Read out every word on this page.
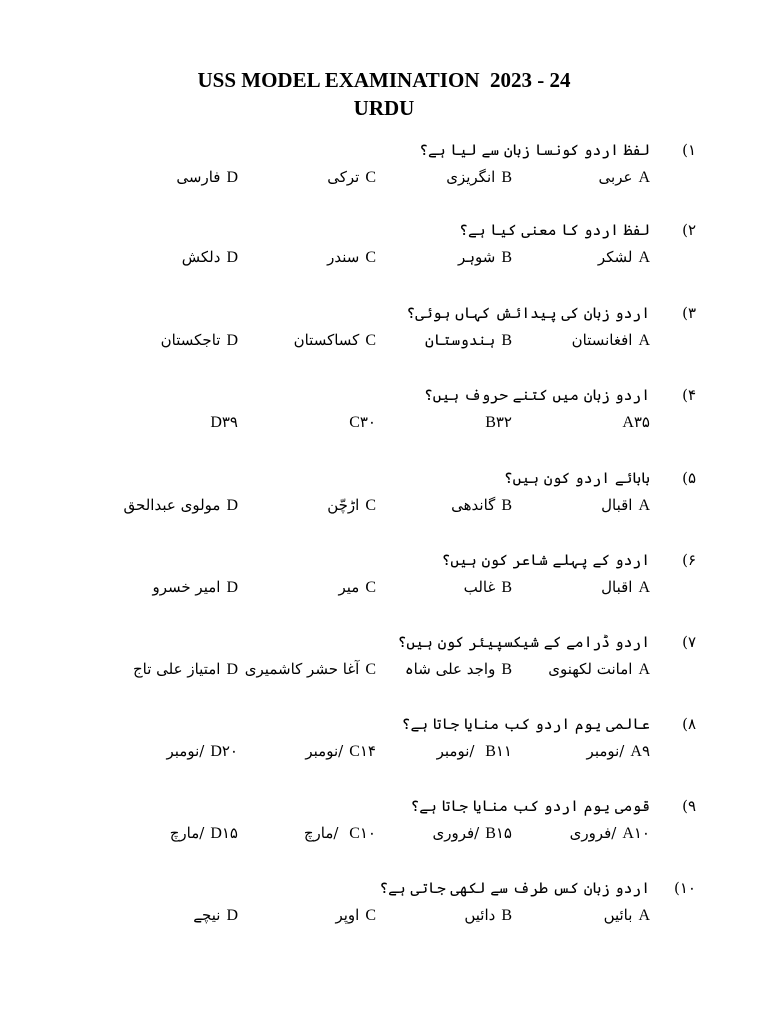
USS MODEL EXAMINATION  2023 - 24
URDU
۱)
لفظ اردو کونسا زبان سے لیا ہے؟
Aعربی
Bانگریزی
Cترکی
Dفارسی
۲)
لفظ اردو کا معنی کیا ہے؟
Aلشکر
Bشوہر
Cسندر
Dدلکش
۳)
اردو زبان کی پیدائش کہاں ہوئی؟
Aافغانستان
Bہندوستان
Cکساکستان
Dتاجکستان
۴)
اردو زبان میں کتنے حروف ہیں؟
A۳۵
B۳۲
C۳۰
D۳۹
۵)
بابائے اردو کون ہیں؟
Aاقبال
Bگاندھی
Cاڑچّن
Dمولوی عبدالحق
۶)
اردو کے پہلے شاعر کون ہیں؟
Aاقبال
Bغالب
Cمیر
Dامیر خسرو
۷)
اردو ڈرامے کے شیکسپیئر کون ہیں؟
Aامانت لکھنوی
Bواجد علی شاہ
Cآغا حشر کاشمیری
Dامتیاز علی تاج
۸)
عالمی یوم اردو کب منایا جاتا ہے؟
A۹/نومبر
B۱۱ /نومبر
C۱۴/نومبر
D۲۰/نومبر
۹)
قومی یوم اردو کب منایا جاتا ہے؟
A۱۰/فروری
B۱۵/فروری
C۱۰ /مارچ
D۱۵/مارچ
۱۰)
اردو زبان کس طرف سے لکھی جاتی ہے؟
Aبائیں
Bدائیں
Cاوپر
Dنیچے
